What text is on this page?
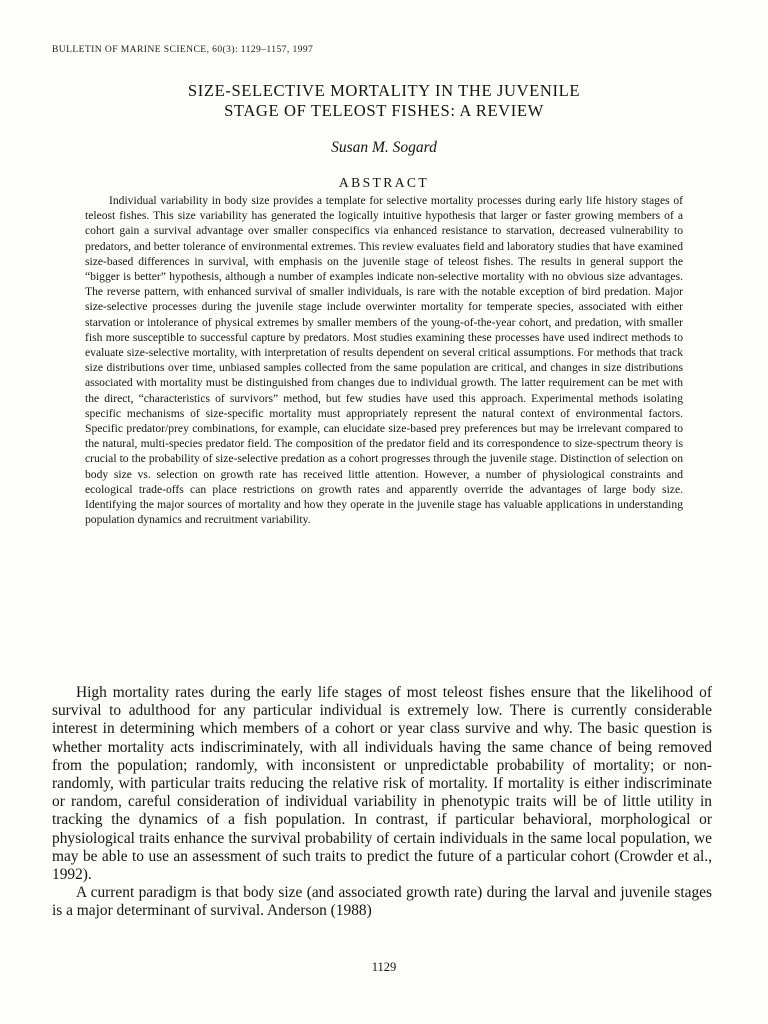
BULLETIN OF MARINE SCIENCE, 60(3): 1129–1157, 1997
SIZE-SELECTIVE MORTALITY IN THE JUVENILE
STAGE OF TELEOST FISHES: A REVIEW
Susan M. Sogard
ABSTRACT

Individual variability in body size provides a template for selective mortality processes during early life history stages of teleost fishes. This size variability has generated the logically intuitive hypothesis that larger or faster growing members of a cohort gain a survival advantage over smaller conspecifics via enhanced resistance to starvation, decreased vulnerability to predators, and better tolerance of environmental extremes. This review evaluates field and laboratory studies that have examined size-based differences in survival, with emphasis on the juvenile stage of teleost fishes. The results in general support the “bigger is better” hypothesis, although a number of examples indicate non-selective mortality with no obvious size advantages. The reverse pattern, with enhanced survival of smaller individuals, is rare with the notable exception of bird predation. Major size-selective processes during the juvenile stage include overwinter mortality for temperate species, associated with either starvation or intolerance of physical extremes by smaller members of the young-of-the-year cohort, and predation, with smaller fish more susceptible to successful capture by predators. Most studies examining these processes have used indirect methods to evaluate size-selective mortality, with interpretation of results dependent on several critical assumptions. For methods that track size distributions over time, unbiased samples collected from the same population are critical, and changes in size distributions associated with mortality must be distinguished from changes due to individual growth. The latter requirement can be met with the direct, “characteristics of survivors” method, but few studies have used this approach. Experimental methods isolating specific mechanisms of size-specific mortality must appropriately represent the natural context of environmental factors. Specific predator/prey combinations, for example, can elucidate size-based prey preferences but may be irrelevant compared to the natural, multi-species predator field. The composition of the predator field and its correspondence to size-spectrum theory is crucial to the probability of size-selective predation as a cohort progresses through the juvenile stage. Distinction of selection on body size vs. selection on growth rate has received little attention. However, a number of physiological constraints and ecological trade-offs can place restrictions on growth rates and apparently override the advantages of large body size. Identifying the major sources of mortality and how they operate in the juvenile stage has valuable applications in understanding population dynamics and recruitment variability.

High mortality rates during the early life stages of most teleost fishes ensure that the likelihood of survival to adulthood for any particular individual is extremely low. There is currently considerable interest in determining which members of a cohort or year class survive and why. The basic question is whether mortality acts indiscriminately, with all individuals having the same chance of being removed from the population; randomly, with inconsistent or unpredictable probability of mortality; or non-randomly, with particular traits reducing the relative risk of mortality. If mortality is either indiscriminate or random, careful consideration of individual variability in phenotypic traits will be of little utility in tracking the dynamics of a fish population. In contrast, if particular behavioral, morphological or physiological traits enhance the survival probability of certain individuals in the same local population, we may be able to use an assessment of such traits to predict the future of a particular cohort (Crowder et al., 1992).

A current paradigm is that body size (and associated growth rate) during the larval and juvenile stages is a major determinant of survival. Anderson (1988)

1129
